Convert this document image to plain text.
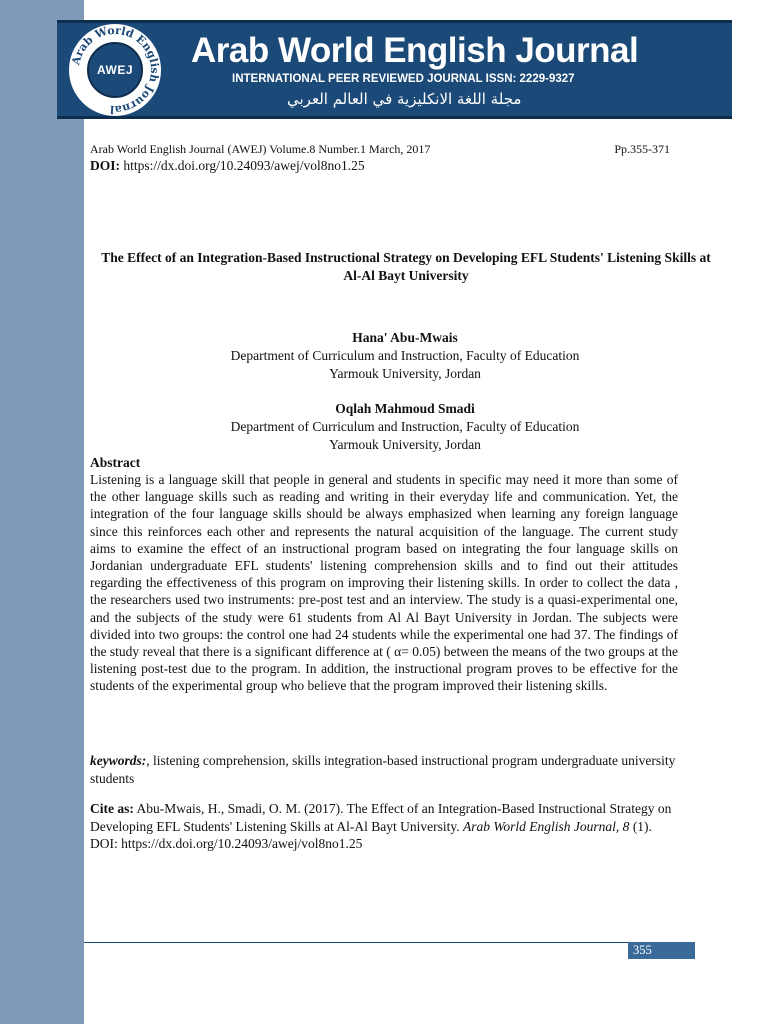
Arab World English Journal
AWEJ Arab World English Journal
INTERNATIONAL PEER REVIEWED JOURNAL ISSN: 2229-9327
مجلة اللغة الانكليزية في العالم العربي
Arab World English Journal (AWEJ) Volume.8 Number.1 March, 2017	Pp.355-371
DOI: https://dx.doi.org/10.24093/awej/vol8no1.25
The Effect of an Integration-Based Instructional Strategy on Developing EFL Students' Listening Skills at Al-Al Bayt University
Hana' Abu-Mwais
Department of Curriculum and Instruction, Faculty of Education
Yarmouk University, Jordan
Oqlah Mahmoud Smadi
Department of Curriculum and Instruction, Faculty of Education
Yarmouk University, Jordan
Abstract
Listening is a language skill that people in general and students in specific may need it more than some of the other language skills such as reading and writing in their everyday life and communication. Yet, the integration of the four language skills should be always emphasized when learning any foreign language since this reinforces each other and represents the natural acquisition of the language. The current study aims to examine the effect of an instructional program based on integrating the four language skills on Jordanian undergraduate EFL students' listening comprehension skills and to find out their attitudes regarding the effectiveness of this program on improving their listening skills. In order to collect the data , the researchers used two instruments: pre-post test and an interview. The study is a quasi-experimental one, and the subjects of the study were 61 students from Al Al Bayt University in Jordan. The subjects were divided into two groups: the control one had 24 students while the experimental one had 37. The findings of the study reveal that there is a significant difference at ( α= 0.05) between the means of the two groups at the listening post-test due to the program. In addition, the instructional program proves to be effective for the students of the experimental group who believe that the program improved their listening skills.
keywords:, listening comprehension, skills integration-based instructional program undergraduate university students
Cite as: Abu-Mwais, H., Smadi, O. M. (2017). The Effect of an Integration-Based Instructional Strategy on Developing EFL Students' Listening Skills at Al-Al Bayt University. Arab World English Journal, 8 (1).
DOI: https://dx.doi.org/10.24093/awej/vol8no1.25
355
